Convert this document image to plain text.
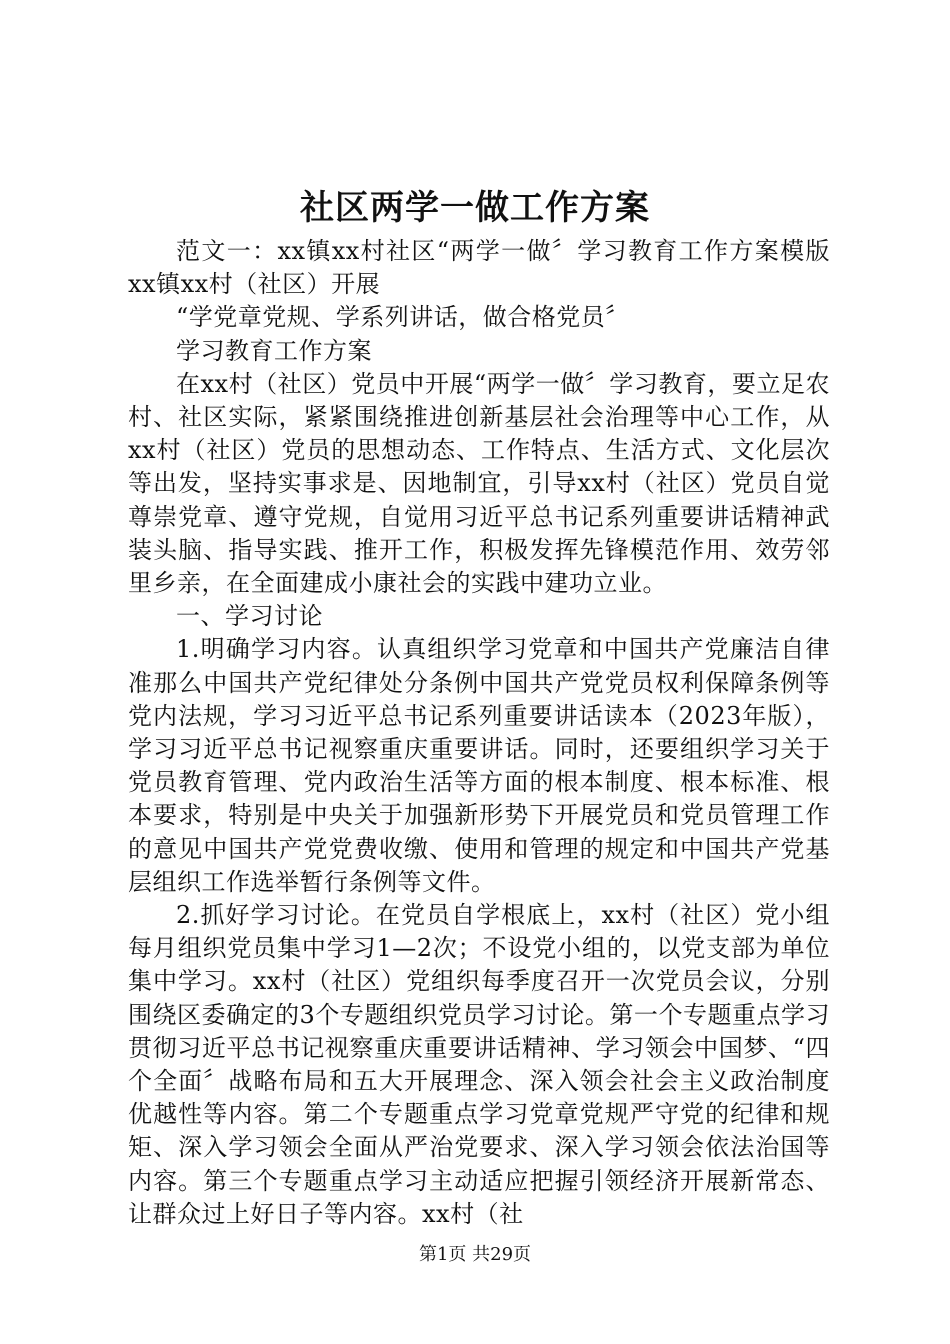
社区两学一做工作方案

范文一：xx镇xx村社区“两学一做〞学习教育工作方案模版xx镇xx村（社区）开展

“学党章党规、学系列讲话，做合格党员〞

学习教育工作方案

在xx村（社区）党员中开展“两学一做〞学习教育，要立足农村、社区实际，紧紧围绕推进创新基层社会治理等中心工作，从xx村（社区）党员的思想动态、工作特点、生活方式、文化层次等出发，坚持实事求是、因地制宜，引导xx村（社区）党员自觉尊崇党章、遵守党规，自觉用习近平总书记系列重要讲话精神武装头脑、指导实践、推开工作，积极发挥先锋模范作用、效劳邻里乡亲，在全面建成小康社会的实践中建功立业。

一、学习讨论

1.明确学习内容。认真组织学习党章和中国共产党廉洁自律准那么中国共产党纪律处分条例中国共产党党员权利保障条例等党内法规，学习习近平总书记系列重要讲话读本（2023年版），学习习近平总书记视察重庆重要讲话。同时，还要组织学习关于党员教育管理、党内政治生活等方面的根本制度、根本标准、根本要求，特别是中央关于加强新形势下开展党员和党员管理工作的意见中国共产党党费收缴、使用和管理的规定和中国共产党基层组织工作选举暂行条例等文件。

2.抓好学习讨论。在党员自学根底上，xx村（社区）党小组每月组织党员集中学习1—2次；不设党小组的，以党支部为单位集中学习。xx村（社区）党组织每季度召开一次党员会议，分别围绕区委确定的3个专题组织党员学习讨论。第一个专题重点学习贯彻习近平总书记视察重庆重要讲话精神、学习领会中国梦、“四个全面〞战略布局和五大开展理念、深入领会社会主义政治制度优越性等内容。第二个专题重点学习党章党规严守党的纪律和规矩、深入学习领会全面从严治党要求、深入学习领会依法治国等内容。第三个专题重点学习主动适应把握引领经济开展新常态、让群众过上好日子等内容。xx村（社

第1页 共29页
